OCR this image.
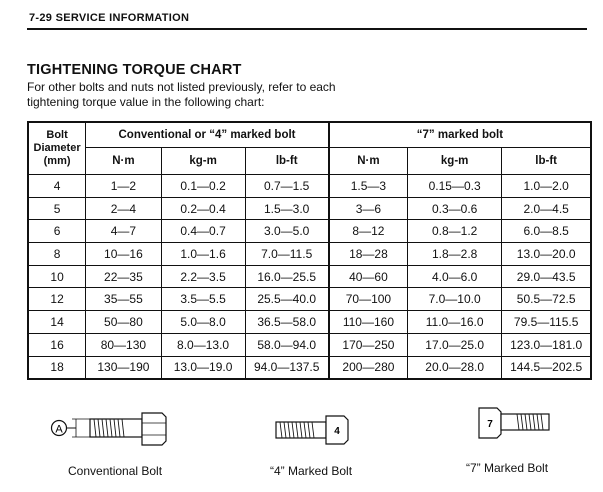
7-29 SERVICE INFORMATION
TIGHTENING TORQUE CHART
For other bolts and nuts not listed previously, refer to each
tightening torque value in the following chart:
Bolt
Diameter
(mm)	Conventional or “4” marked bolt			“7” marked bolt		
	N·m	kg-m	lb-ft	N·m	kg-m	lb-ft
4	1—2	0.1—0.2	0.7—1.5	1.5—3	0.15—0.3	1.0—2.0
5	2—4	0.2—0.4	1.5—3.0	3—6	0.3—0.6	2.0—4.5
6	4—7	0.4—0.7	3.0—5.0	8—12	0.8—1.2	6.0—8.5
8	10—16	1.0—1.6	7.0—11.5	18—28	1.8—2.8	13.0—20.0
10	22—35	2.2—3.5	16.0—25.5	40—60	4.0—6.0	29.0—43.5
12	35—55	3.5—5.5	25.5—40.0	70—100	7.0—10.0	50.5—72.5
14	50—80	5.0—8.0	36.5—58.0	110—160	11.0—16.0	79.5—115.5
16	80—130	8.0—13.0	58.0—94.0	170—250	17.0—25.0	123.0—181.0
18	130—190	13.0—19.0	94.0—137.5	200—280	20.0—28.0	144.5—202.5
A	4
7
Conventional Bolt	“4” Marked Bolt	“7” Marked Bolt
